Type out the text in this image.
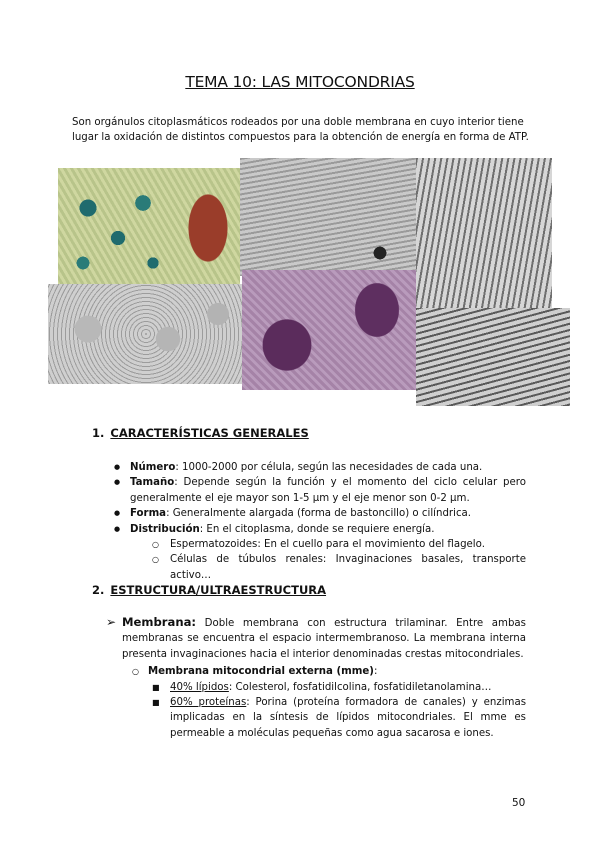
TEMA 10: LAS MITOCONDRIAS
Son orgánulos citoplasmáticos rodeados por una doble membrana en cuyo interior tiene lugar la oxidación de distintos compuestos para la obtención de energía en forma de ATP.
1. CARACTERÍSTICAS GENERALES
● Número: 1000-2000 por célula, según las necesidades de cada una.
● Tamaño: Depende según la función y el momento del ciclo celular pero generalmente el eje mayor son 1-5 µm y el eje menor son 0-2 µm.
● Forma: Generalmente alargada (forma de bastoncillo) o cilíndrica.
● Distribución: En el citoplasma, donde se requiere energía.
○ Espermatozoides: En el cuello para el movimiento del flagelo.
○ Células de túbulos renales: Invaginaciones basales, transporte activo…
2. ESTRUCTURA/ULTRAESTRUCTURA
➢ Membrana: Doble membrana con estructura trilaminar. Entre ambas membranas se encuentra el espacio intermembranoso. La membrana interna presenta invaginaciones hacia el interior denominadas crestas mitocondriales.
○ Membrana mitocondrial externa (mme):
■ 40% lípidos: Colesterol, fosfatidilcolina, fosfatidiletanolamina…
■ 60% proteínas: Porina (proteína formadora de canales) y enzimas implicadas en la síntesis de lípidos mitocondriales. El mme es permeable a moléculas pequeñas como agua sacarosa e iones.
50
